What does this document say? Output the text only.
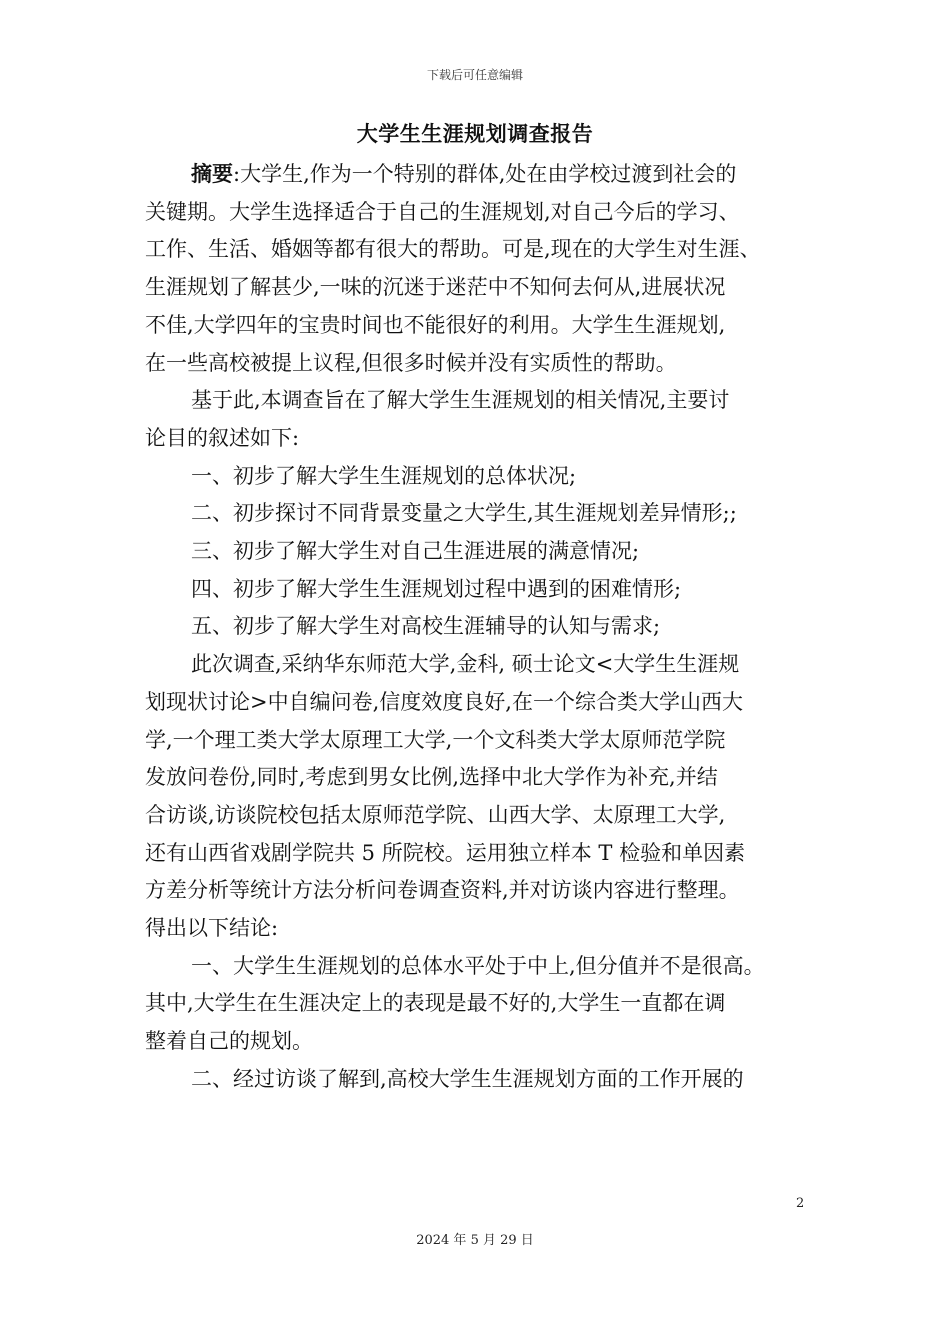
下载后可任意编辑
大学生生涯规划调查报告

摘要:大学生,作为一个特别的群体,处在由学校过渡到社会的
关键期。大学生选择适合于自己的生涯规划,对自己今后的学习、
工作、生活、婚姻等都有很大的帮助。可是,现在的大学生对生涯、
生涯规划了解甚少,一味的沉迷于迷茫中不知何去何从,进展状况
不佳,大学四年的宝贵时间也不能很好的利用。大学生生涯规划,
在一些高校被提上议程,但很多时候并没有实质性的帮助。

基于此,本调查旨在了解大学生生涯规划的相关情况,主要讨
论目的叙述如下:

一、初步了解大学生生涯规划的总体状况;
二、初步探讨不同背景变量之大学生,其生涯规划差异情形;;
三、初步了解大学生对自己生涯进展的满意情况;
四、初步了解大学生生涯规划过程中遇到的困难情形;
五、初步了解大学生对高校生涯辅导的认知与需求;

此次调查,采纳华东师范大学,金科, 硕士论文<大学生生涯规
划现状讨论>中自编问卷,信度效度良好,在一个综合类大学山西大
学,一个理工类大学太原理工大学,一个文科类大学太原师范学院
发放问卷份,同时,考虑到男女比例,选择中北大学作为补充,并结
合访谈,访谈院校包括太原师范学院、山西大学、太原理工大学,
还有山西省戏剧学院共 5 所院校。运用独立样本 T 检验和单因素
方差分析等统计方法分析问卷调查资料,并对访谈内容进行整理。
得出以下结论:

一、大学生生涯规划的总体水平处于中上,但分值并不是很高。
其中,大学生在生涯决定上的表现是最不好的,大学生一直都在调
整着自己的规划。

二、经过访谈了解到,高校大学生生涯规划方面的工作开展的

2
2024 年 5 月 29 日
